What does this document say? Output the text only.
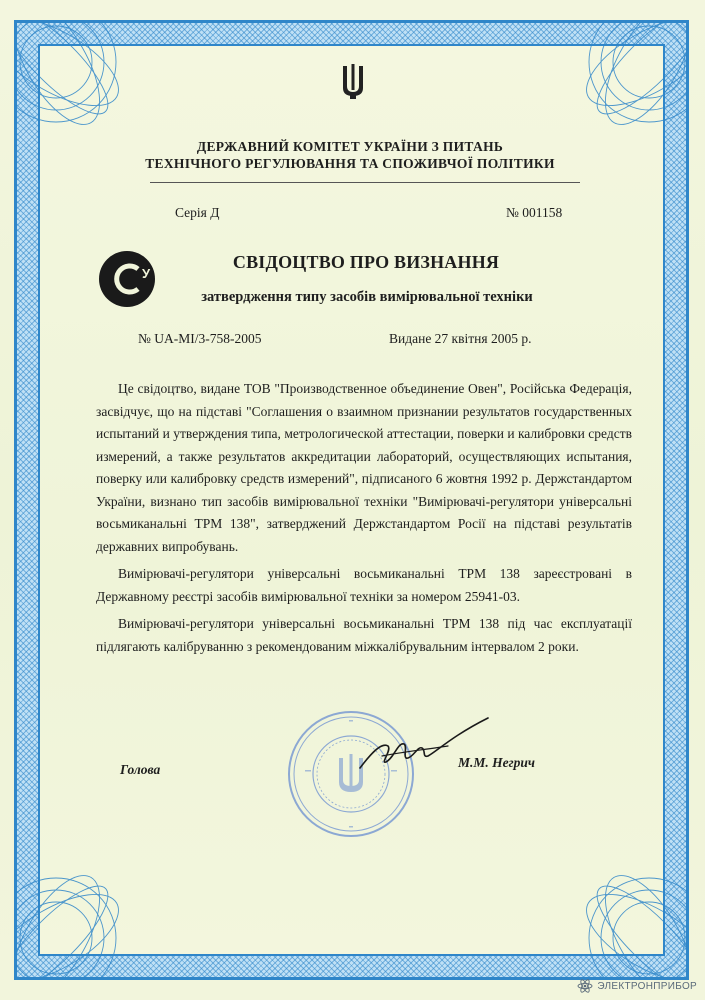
ДЕРЖАВНИЙ КОМІТЕТ УКРАЇНИ З ПИТАНЬ
ТЕХНІЧНОГО РЕГУЛЮВАННЯ ТА СПОЖИВЧОЇ ПОЛІТИКИ
Серія Д	№ 001158
У
СВІДОЦТВО ПРО ВИЗНАННЯ
затвердження типу засобів вимірювальної техніки
№ UA-MI/3-758-2005	Видане 27 квітня 2005 р.

Це свідоцтво, видане ТОВ "Производственное объединение Овен", Російська Федерація, засвідчує, що на підставі "Соглашения о взаимном признании результатов государственных испытаний и утверждения типа, метрологической аттестации, поверки и калибровки средств измерений, а также результатов аккредитации лабораторий, осуществляющих испытания, поверку или калибровку средств измерений", підписаного 6 жовтня 1992 р. Держстандартом України, визнано тип засобів вимірювальної техніки "Вимірювачі-регулятори універсальні восьмиканальні ТРМ 138", затверджений Держстандартом Росії на підставі результатів державних випробувань.

Вимірювачі-регулятори універсальні восьмиканальні ТРМ 138 зареєстровані в Державному реєстрі засобів вимірювальної техніки за номером 25941-03.

Вимірювачі-регулятори універсальні восьмиканальні ТРМ 138 під час експлуатації підлягають калібруванню з рекомендованим міжкалібрувальним інтервалом 2 роки.

Голова	М.М. Негрич
ЭЛЕКТРОНПРИБОР
